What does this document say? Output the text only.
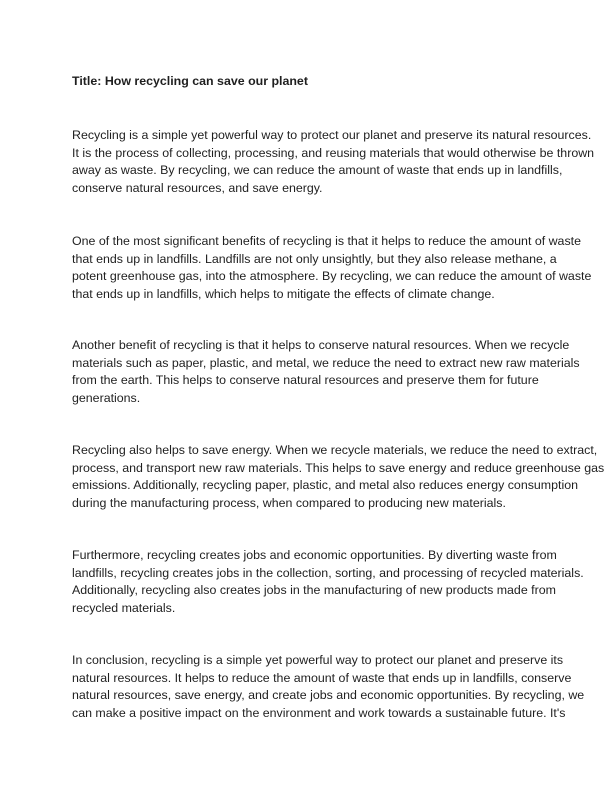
Title: How recycling can save our planet

Recycling is a simple yet powerful way to protect our planet and preserve its natural resources.
It is the process of collecting, processing, and reusing materials that would otherwise be thrown
away as waste. By recycling, we can reduce the amount of waste that ends up in landfills,
conserve natural resources, and save energy.

One of the most significant benefits of recycling is that it helps to reduce the amount of waste
that ends up in landfills. Landfills are not only unsightly, but they also release methane, a
potent greenhouse gas, into the atmosphere. By recycling, we can reduce the amount of waste
that ends up in landfills, which helps to mitigate the effects of climate change.

Another benefit of recycling is that it helps to conserve natural resources. When we recycle
materials such as paper, plastic, and metal, we reduce the need to extract new raw materials
from the earth. This helps to conserve natural resources and preserve them for future
generations.

Recycling also helps to save energy. When we recycle materials, we reduce the need to extract,
process, and transport new raw materials. This helps to save energy and reduce greenhouse gas
emissions. Additionally, recycling paper, plastic, and metal also reduces energy consumption
during the manufacturing process, when compared to producing new materials.

Furthermore, recycling creates jobs and economic opportunities. By diverting waste from
landfills, recycling creates jobs in the collection, sorting, and processing of recycled materials.
Additionally, recycling also creates jobs in the manufacturing of new products made from
recycled materials.

In conclusion, recycling is a simple yet powerful way to protect our planet and preserve its
natural resources. It helps to reduce the amount of waste that ends up in landfills, conserve
natural resources, save energy, and create jobs and economic opportunities. By recycling, we
can make a positive impact on the environment and work towards a sustainable future. It's
